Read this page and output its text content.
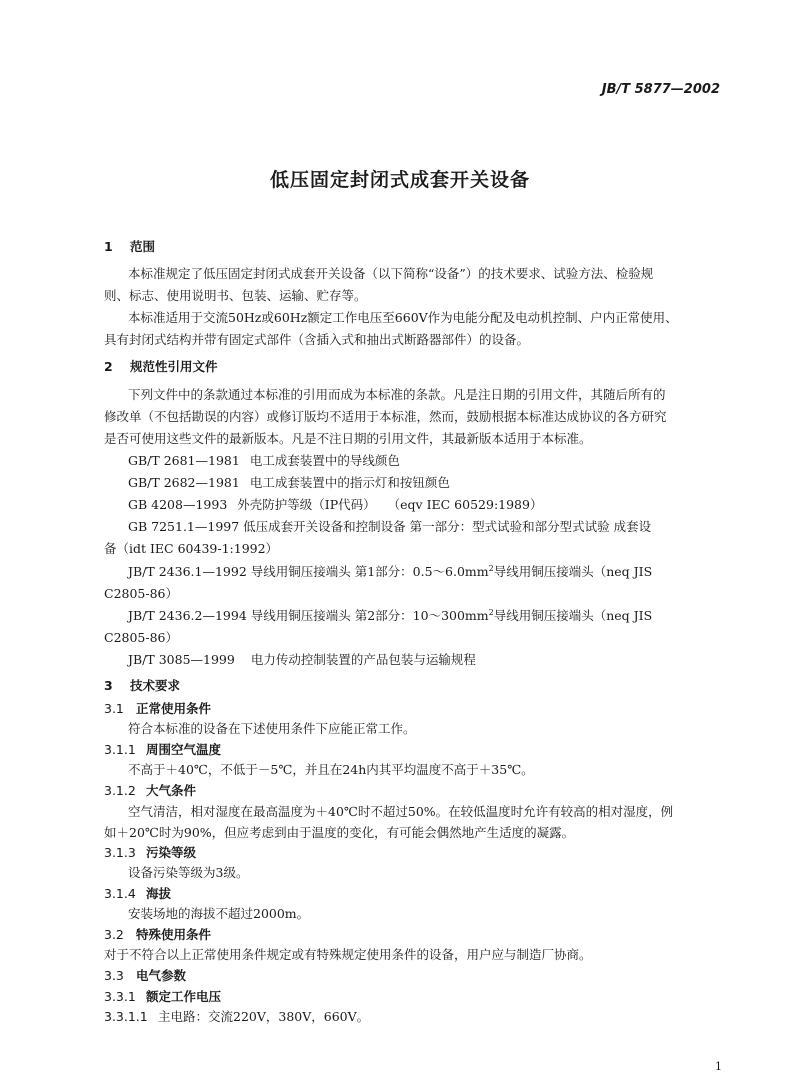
JB/T 5877—2002
低压固定封闭式成套开关设备
1 范围
本标准规定了低压固定封闭式成套开关设备（以下简称“设备”）的技术要求、试验方法、检验规
则、标志、使用说明书、包装、运输、贮存等。
本标准适用于交流50Hz或60Hz额定工作电压至660V作为电能分配及电动机控制、户内正常使用、
具有封闭式结构并带有固定式部件（含插入式和抽出式断路器部件）的设备。
2 规范性引用文件
下列文件中的条款通过本标准的引用而成为本标准的条款。凡是注日期的引用文件，其随后所有的
修改单（不包括勘误的内容）或修订版均不适用于本标准，然而，鼓励根据本标准达成协议的各方研究
是否可使用这些文件的最新版本。凡是不注日期的引用文件，其最新版本适用于本标准。
GB/T 2681—1981 电工成套装置中的导线颜色
GB/T 2682—1981 电工成套装置中的指示灯和按钮颜色
GB 4208—1993 外壳防护等级（IP代码） （eqv IEC 60529:1989）
GB 7251.1—1997 低压成套开关设备和控制设备 第一部分：型式试验和部分型式试验 成套设
备（idt IEC 60439-1:1992）
JB/T 2436.1—1992 导线用铜压接端头 第1部分：$0.5\sim 6.0mm^2$导线用铜压接端头（neq JIS
C2805-86）
JB/T 2436.2—1994 导线用铜压接端头 第2部分：$10\sim 300mm^2$导线用铜压接端头（neq JIS
C2805-86）
JB/T 3085—1999 电力传动控制装置的产品包装与运输规程
3 技术要求
3.1 正常使用条件
符合本标准的设备在下述使用条件下应能正常工作。
3.1.1 周围空气温度
不高于＋40℃，不低于－5℃，并且在24h内其平均温度不高于＋35℃。
3.1.2 大气条件
空气清洁，相对湿度在最高温度为＋40℃时不超过50%。在较低温度时允许有较高的相对湿度，例
如＋20℃时为90%，但应考虑到由于温度的变化，有可能会偶然地产生适度的凝露。
3.1.3 污染等级
设备污染等级为3级。
3.1.4 海拔
安装场地的海拔不超过2000m。
3.2 特殊使用条件
对于不符合以上正常使用条件规定或有特殊规定使用条件的设备，用户应与制造厂协商。
3.3 电气参数
3.3.1 额定工作电压
3.3.1.1 主电路：交流220V，380V，660V。
1
